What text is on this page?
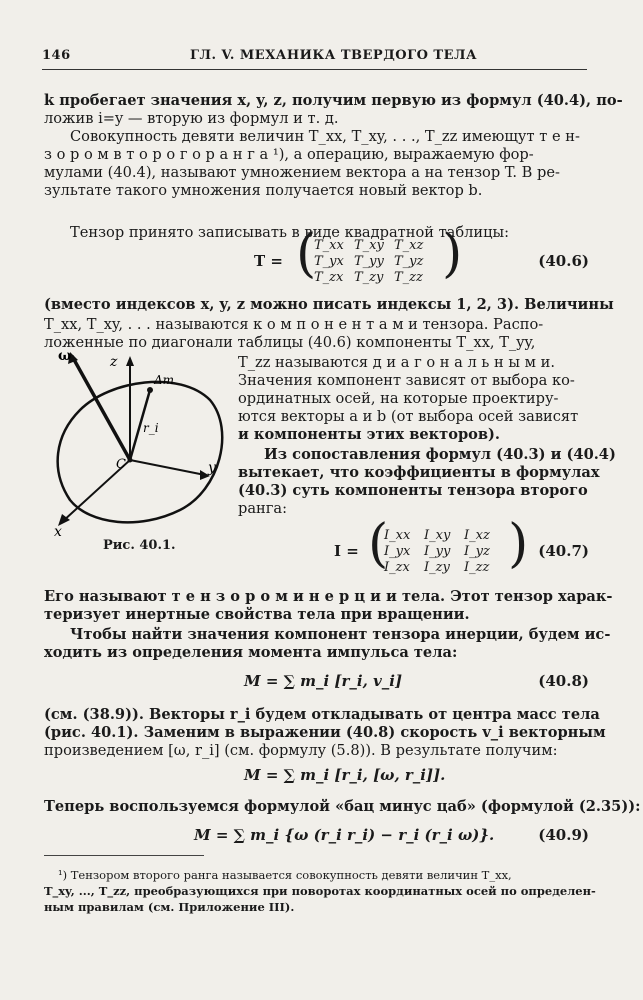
146	ГЛ. V. МЕХАНИКА ТВЕРДОГО ТЕЛА
k пробегает значения x, y, z, получим первую из формул (40.4), по-
ложив i=y — вторую из формул и т. д.
Совокупность девяти величин T_xx, T_xy, . . ., T_zz имеющут т е н-
з о р о м в т о р о г о р а н г а ¹), а операцию, выражаемую фор-
мулами (40.4), называют умножением вектора a на тензор T. В ре-
зультате такого умножения получается новый вектор b.
Тензор принято записывать в виде квадратной таблицы:
T = (
T_xx T_xy T_xz
T_yx T_yy T_yz
T_zx T_zy T_zz )	(40.6)
(вместо индексов x, y, z можно писать индексы 1, 2, 3). Величины
T_xx, T_xy, . . . называются к о м п о н е н т а м и тензора. Распо-
ложенные по диагонали таблицы (40.6) компоненты T_xx, T_yy,
T_zz называются д и а г о н а л ь н ы м и.
Значения компонент зависят от выбора ко-
ординатных осей, на которые проектиру-
ются векторы a и b (от выбора осей зависят
и компоненты этих векторов).
Из сопоставления формул (40.3) и (40.4)
вытекает, что коэффициенты в формулах
(40.3) суть компоненты тензора второго
ранга:
ω	z
y
x
C
Δm
r_i
Рис. 40.1.	I = (
I_xx I_xy I_xz
I_yx I_yy I_yz
I_zx	I_zy	I_zz ) (40.7)
Его называют т е н з о р о м и н е р ц и и тела. Этот тензор харак-
теризует инертные свойства тела при вращении.
Чтобы найти значения компонент тензора инерции, будем ис-
ходить из определения момента импульса тела:
M = ∑ m_i [r_i, v_i]	(40.8)
(см. (38.9)). Векторы r_i будем откладывать от центра масс тела
(рис. 40.1). Заменим в выражении (40.8) скорость v_i векторным
произведением [ω, r_i] (см. формулу (5.8)). В результате получим:
M = ∑ m_i [r_i, [ω, r_i]].
Теперь воспользуемся формулой «бац минус цаб» (формулой (2.35)):
M = ∑ m_i {ω (r_i r_i) − r_i (r_i ω)}.	(40.9)
¹) Тензором второго ранга называется совокупность девяти величин T_xx,
T_xy, ..., T_zz, преобразующихся при поворотах координатных осей по определен-
ным правилам (см. Приложение III).
